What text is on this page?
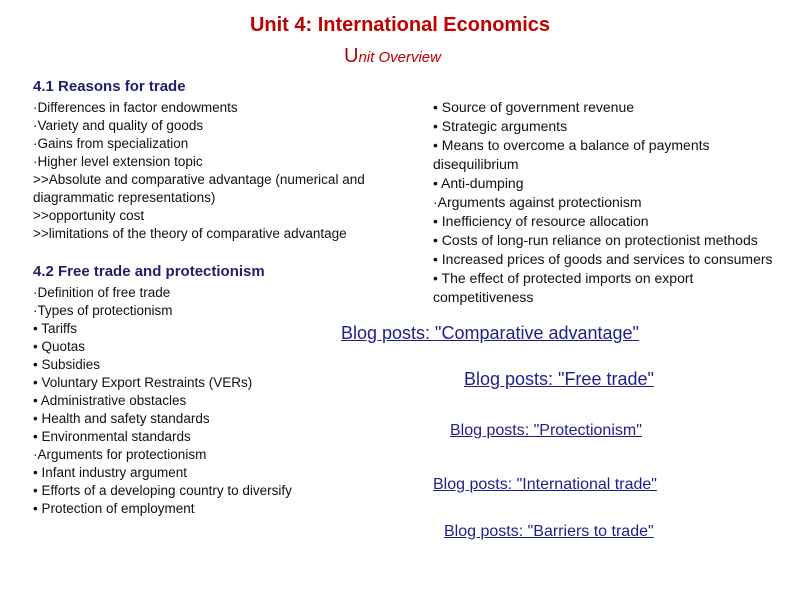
Unit 4: International Economics
Unit Overview
4.1 Reasons for trade
·Differences in factor endowments
·Variety and quality of goods
·Gains from specialization
·Higher level extension topic
>>Absolute and comparative advantage (numerical and
diagrammatic representations)
>>opportunity cost
>>limitations of the theory of comparative advantage
4.2 Free trade and protectionism
·Definition of free trade
·Types of protectionism
• Tariffs
• Quotas
• Subsidies
• Voluntary Export Restraints (VERs)
• Administrative obstacles
• Health and safety standards
• Environmental standards
·Arguments for protectionism
• Infant industry argument
• Efforts of a developing country to diversify
• Protection of employment
• Source of government revenue
• Strategic arguments
• Means to overcome a balance of payments
disequilibrium
• Anti-dumping
·Arguments against protectionism
• Inefficiency of resource allocation
• Costs of long-run reliance on protectionist methods
• Increased prices of goods and services to consumers
• The effect of protected imports on export
competitiveness
Blog posts: "Comparative advantage"
Blog posts: "Free trade"
Blog posts: "Protectionism"
Blog posts: "International trade"
Blog posts: "Barriers to trade"
